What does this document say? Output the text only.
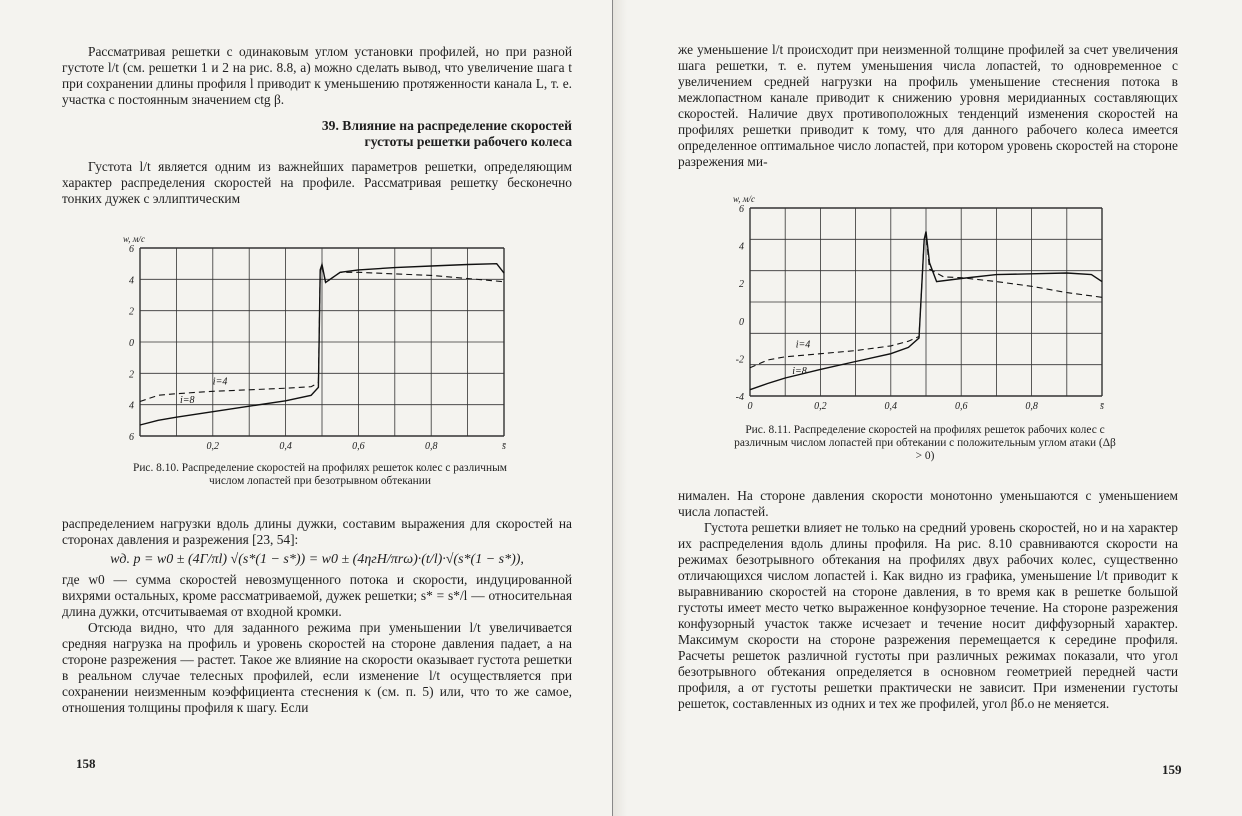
Рассматривая решетки с одинаковым углом установки профилей, но при разной густоте l/t (см. решетки 1 и 2 на рис. 8.8, а) можно сделать вывод, что увеличение шага t при сохранении длины профиля l приводит к уменьшению протяженности канала L, т. е. участка с постоянным значением ctg β.

39. Влияние на распределение скоростей

густоты решетки рабочего колеса

Густота l/t является одним из важнейших параметров решетки, определяющим характер распределения скоростей на профиле. Рассматривая решетку бесконечно тонких дужек с эллиптическим

6
4
2
0
2
4
6
0,2	0,4	0,6	0,8	s̄
w, м/с
i=4
i=8
Рис. 8.10. Распределение скоростей на профилях решеток колес с различным числом лопастей при безотрывном обтекании

распределением нагрузки вдоль длины дужки, составим выражения для скоростей на сторонах давления и разрежения [23, 54]:

wд. р = w0 ± (4Г/πl) √(s*(1 − s*)) = w0 ± (4ηгH/πrω)·(t/l)·√(s*(1 − s*)),

где w0 — сумма скоростей невозмущенного потока и скорости, индуцированной вихрями остальных, кроме рассматриваемой, дужек решетки; s* = s*/l — относительная длина дужки, отсчитываемая от входной кромки.

Отсюда видно, что для заданного режима при уменьшении l/t увеличивается средняя нагрузка на профиль и уровень скоростей на стороне давления падает, а на стороне разрежения — растет. Такое же влияние на скорости оказывает густота решетки в реальном случае телесных профилей, если изменение l/t осуществляется при сохранении неизменным коэффициента стеснения κ (см. п. 5) или, что то же самое, отношения толщины профиля к шагу. Если

158

же уменьшение l/t происходит при неизменной толщине профилей за счет увеличения шага решетки, т. е. путем уменьшения числа лопастей, то одновременное с увеличением средней нагрузки на профиль уменьшение стеснения потока в межлопастном канале приводит к снижению уровня меридианных составляющих скоростей. Наличие двух противоположных тенденций изменения скоростей на профилях решетки приводит к тому, что для данного рабочего колеса имеется определенное оптимальное число лопастей, при котором уровень скоростей на стороне разрежения ми-

6
4
2
0
-2
-4
0	0,2	0,4	0,6	0,8	s̄
w, м/с
i=4
i=8
Рис. 8.11. Распределение скоростей на профилях решеток рабочих колес с различным числом лопастей при обтекании с положительным углом атаки (Δβ > 0)

нимален. На стороне давления скорости монотонно уменьшаются с уменьшением числа лопастей.

Густота решетки влияет не только на средний уровень скоростей, но и на характер их распределения вдоль длины профиля. На рис. 8.10 сравниваются скорости на режимах безотрывного обтекания на профилях двух рабочих колес, существенно отличающихся числом лопастей i. Как видно из графика, уменьшение l/t приводит к выравниванию скоростей на стороне давления, в то время как в решетке большой густоты имеет место четко выраженное конфузорное течение. На стороне разрежения конфузорный участок также исчезает и течение носит диффузорный характер. Максимум скорости на стороне разрежения перемещается к середине профиля. Расчеты решеток различной густоты при различных режимах показали, что угол безотрывного обтекания определяется в основном геометрией передней части профиля, а от густоты решетки практически не зависит. При изменении густоты решеток, составленных из одних и тех же профилей, угол βб.о не меняется.

159
